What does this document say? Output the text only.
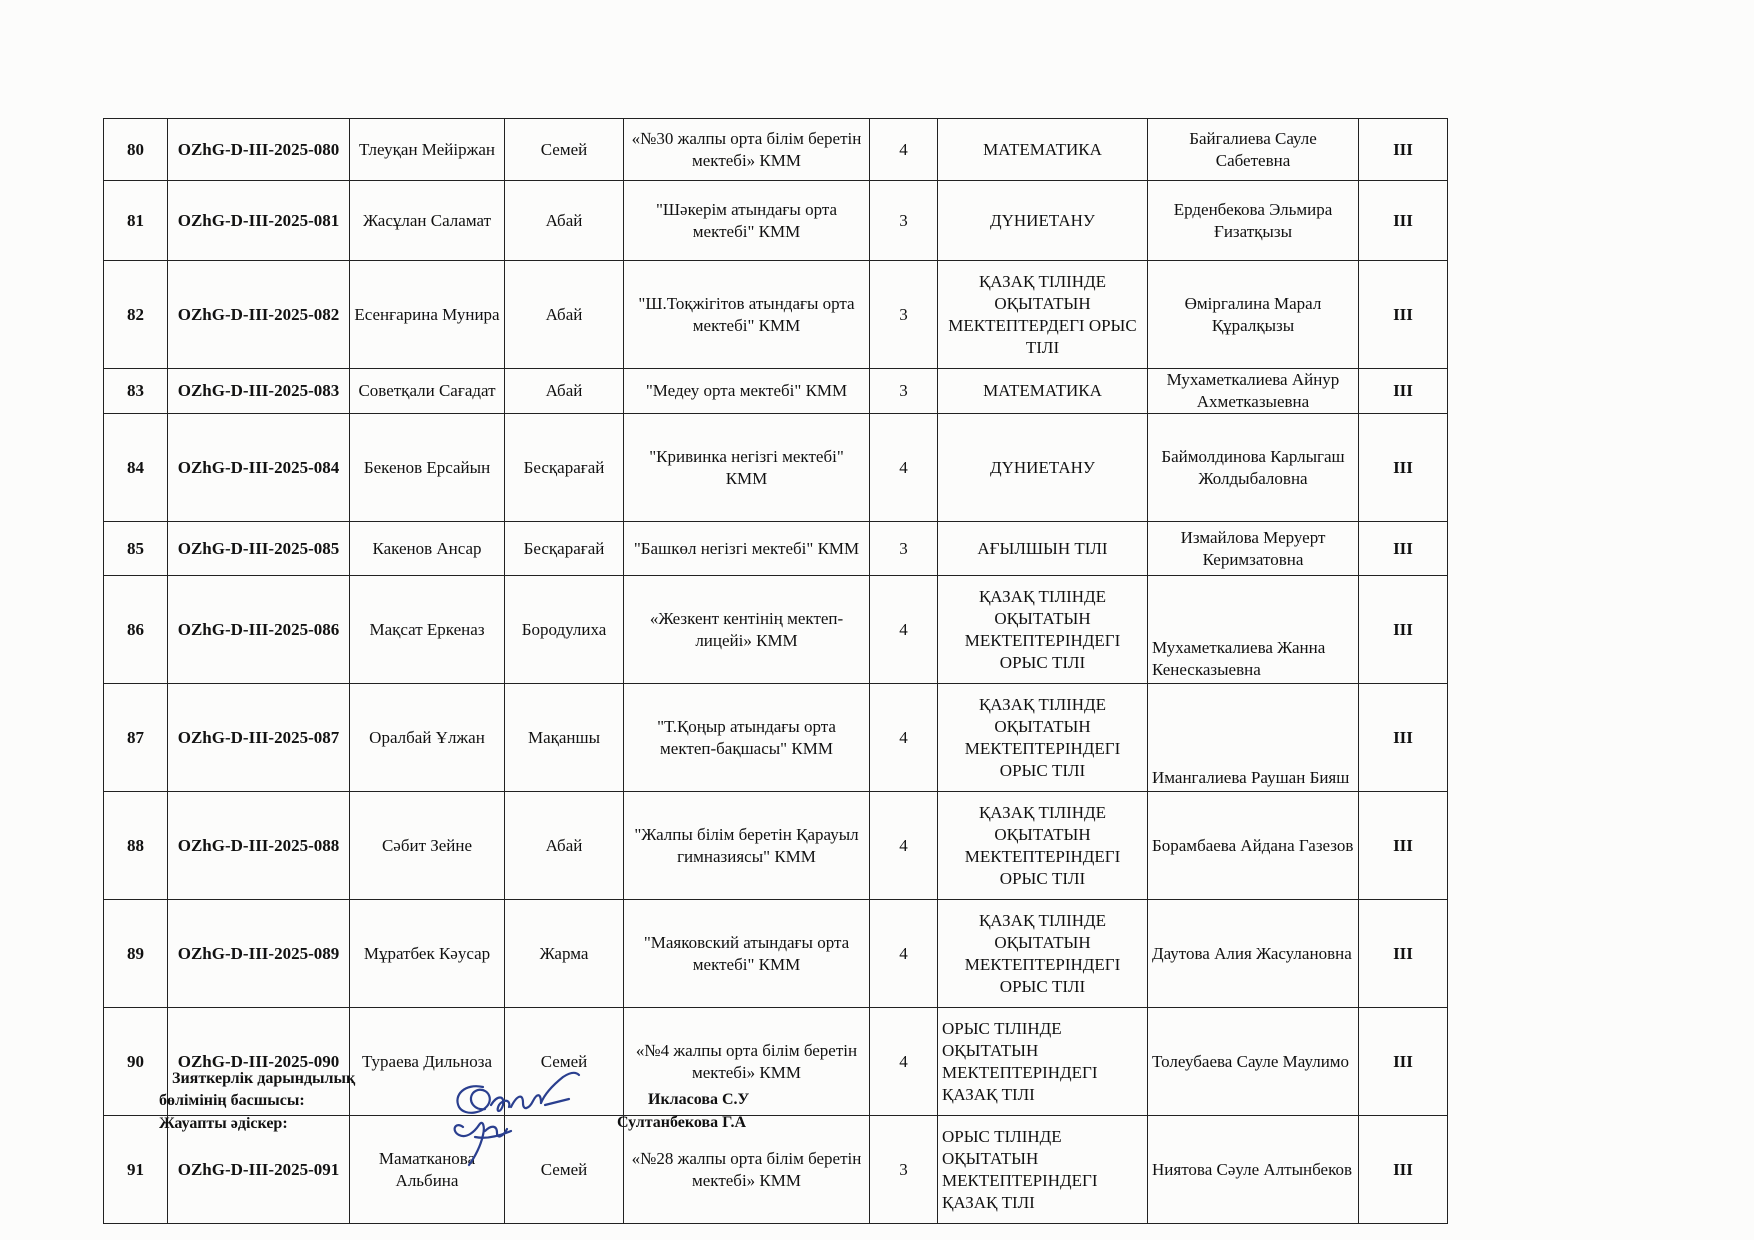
80	OZhG-D-III-2025-080	Тлеуқан Мейіржан	Семей	«№30 жалпы орта білім беретін мектебі» КММ	4	МАТЕМАТИКА	Байгалиева Сауле Сабетевна	III
81	OZhG-D-III-2025-081	Жасұлан Саламат	Абай	"Шәкерім атындағы орта мектебі" КММ	3	ДҮНИЕТАНУ	Ерденбекова Эльмира Ғизатқызы	III
82	OZhG-D-III-2025-082	Есенғарина Мунира	Абай	"Ш.Тоқжігітов атындағы орта мектебі" КММ	3	ҚАЗАҚ ТІЛІНДЕ ОҚЫТАТЫН МЕКТЕПТЕРДЕГІ ОРЫС ТІЛІ	Өміргалина Марал Құралқызы	III
83	OZhG-D-III-2025-083	Советқали Сағадат	Абай	"Медеу орта мектебі" КММ	3	МАТЕМАТИКА	Мухаметкалиева Айнур Ахметказыевна	III
84	OZhG-D-III-2025-084	Бекенов Ерсайын	Бесқарағай	"Кривинка негізгі мектебі" КММ	4	ДҮНИЕТАНУ	Баймолдинова Карлыгаш Жолдыбаловна	III
85	OZhG-D-III-2025-085	Какенов Ансар	Бесқарағай	"Башкөл негізгі мектебі" КММ	3	АҒЫЛШЫН ТІЛІ	Измайлова Меруерт Керимзатовна	III
86	OZhG-D-III-2025-086	Мақсат Еркеназ	Бородулиха	«Жезкент кентінің мектеп-лицейі» КММ	4	ҚАЗАҚ ТІЛІНДЕ ОҚЫТАТЫН МЕКТЕПТЕРІНДЕГІ ОРЫС ТІЛІ	Мухаметкалиева Жанна Кенесказыевна	III
87	OZhG-D-III-2025-087	Оралбай Ұлжан	Мақаншы	"Т.Қоңыр атындағы орта мектеп-бақшасы" КММ	4	ҚАЗАҚ ТІЛІНДЕ ОҚЫТАТЫН МЕКТЕПТЕРІНДЕГІ ОРЫС ТІЛІ	Имангалиева Раушан Бияш	III
88	OZhG-D-III-2025-088	Сәбит Зейне	Абай	"Жалпы білім беретін Қарауыл гимназиясы" КММ	4	ҚАЗАҚ ТІЛІНДЕ ОҚЫТАТЫН МЕКТЕПТЕРІНДЕГІ ОРЫС ТІЛІ	Борамбаева Айдана Газезов	III
89	OZhG-D-III-2025-089	Мұратбек Кәусар	Жарма	"Маяковский атындағы орта мектебі" КММ	4	ҚАЗАҚ ТІЛІНДЕ ОҚЫТАТЫН МЕКТЕПТЕРІНДЕГІ ОРЫС ТІЛІ	Даутова Алия Жасулановна	III
90	OZhG-D-III-2025-090	Тураева Дильноза	Семей	«№4 жалпы орта білім беретін мектебі» КММ	4	ОРЫС ТІЛІНДЕ ОҚЫТАТЫН МЕКТЕПТЕРІНДЕГІ ҚАЗАҚ ТІЛІ	Толеубаева Сауле Маулимо	III
91	OZhG-D-III-2025-091	Маматканова Альбина	Семей	«№28 жалпы орта білім беретін мектебі» КММ	3	ОРЫС ТІЛІНДЕ ОҚЫТАТЫН МЕКТЕПТЕРІНДЕГІ ҚАЗАҚ ТІЛІ	Ниятова Сәуле Алтынбеков	III
Зияткерлік дарындылық
бөлімінің басшысы:
Жауапты әдіскер:
Икласова С.У
Султанбекова Г.А
